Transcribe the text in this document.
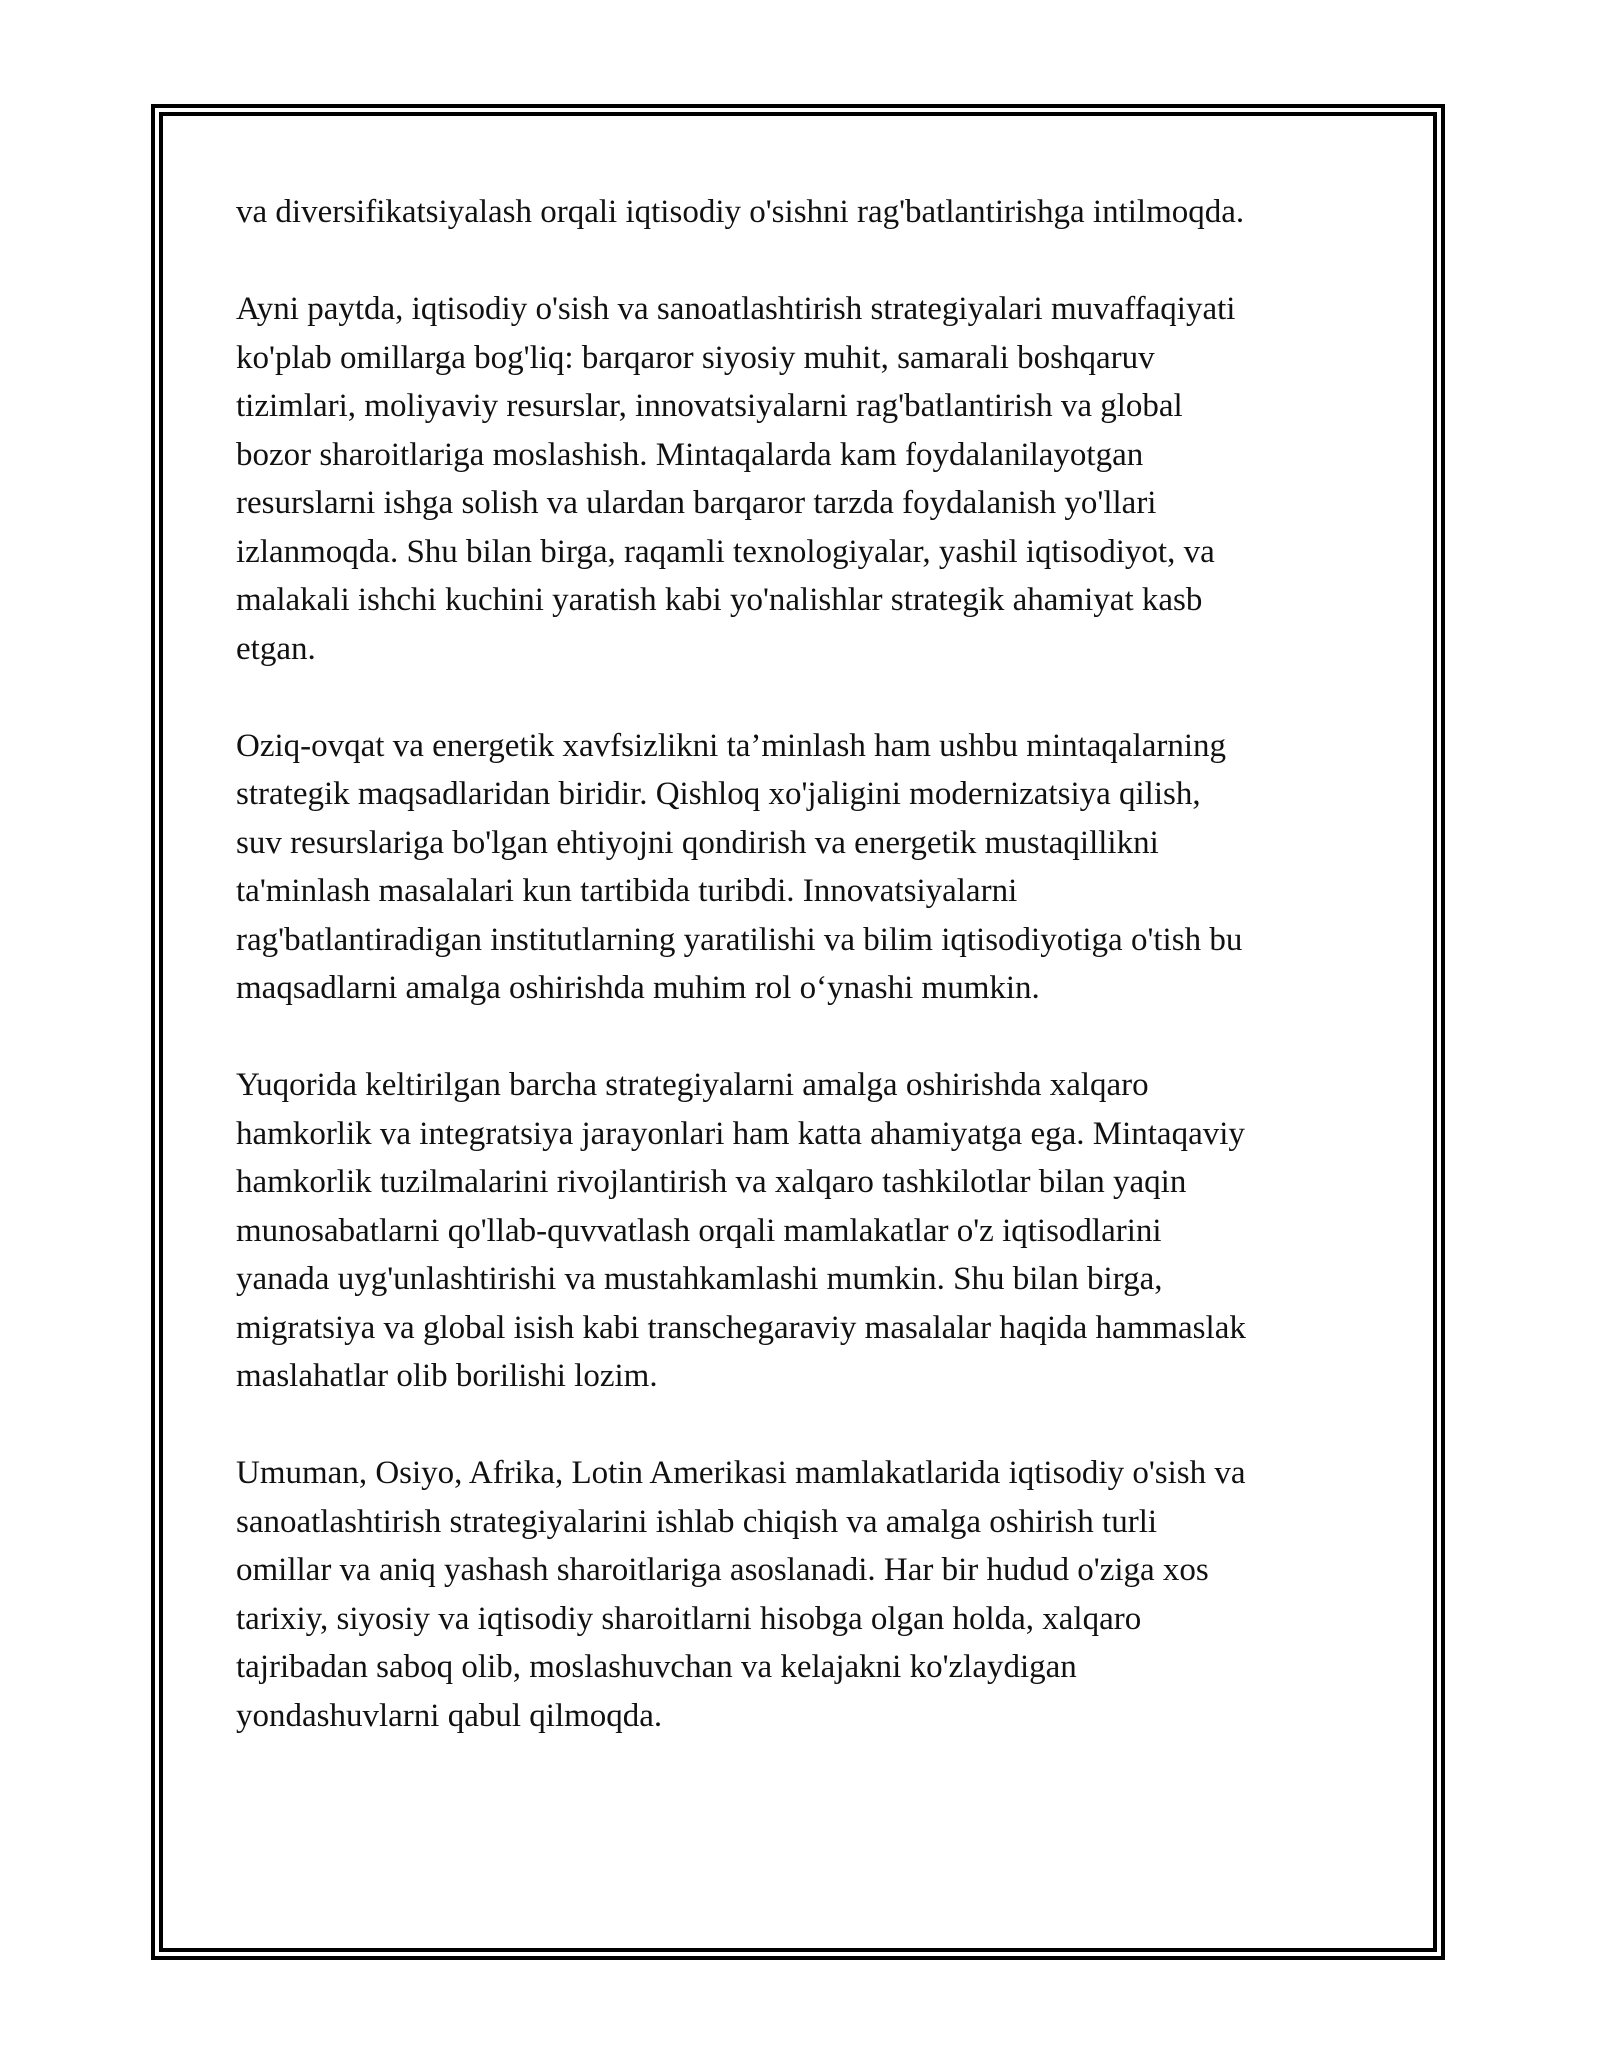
va diversifikatsiyalash orqali iqtisodiy o'sishni rag'batlantirishga intilmoqda.
Ayni paytda, iqtisodiy o'sish va sanoatlashtirish strategiyalari muvaffaqiyati
ko'plab omillarga bog'liq: barqaror siyosiy muhit, samarali boshqaruv
tizimlari, moliyaviy resurslar, innovatsiyalarni rag'batlantirish va global
bozor sharoitlariga moslashish. Mintaqalarda kam foydalanilayotgan
resurslarni ishga solish va ulardan barqaror tarzda foydalanish yo'llari
izlanmoqda. Shu bilan birga, raqamli texnologiyalar, yashil iqtisodiyot, va
malakali ishchi kuchini yaratish kabi yo'nalishlar strategik ahamiyat kasb
etgan.
Oziq-ovqat va energetik xavfsizlikni ta’minlash ham ushbu mintaqalarning
strategik maqsadlaridan biridir. Qishloq xo'jaligini modernizatsiya qilish,
suv resurslariga bo'lgan ehtiyojni qondirish va energetik mustaqillikni
ta'minlash masalalari kun tartibida turibdi. Innovatsiyalarni
rag'batlantiradigan institutlarning yaratilishi va bilim iqtisodiyotiga o'tish bu
maqsadlarni amalga oshirishda muhim rol o‘ynashi mumkin.
Yuqorida keltirilgan barcha strategiyalarni amalga oshirishda xalqaro
hamkorlik va integratsiya jarayonlari ham katta ahamiyatga ega. Mintaqaviy
hamkorlik tuzilmalarini rivojlantirish va xalqaro tashkilotlar bilan yaqin
munosabatlarni qo'llab-quvvatlash orqali mamlakatlar o'z iqtisodlarini
yanada uyg'unlashtirishi va mustahkamlashi mumkin. Shu bilan birga,
migratsiya va global isish kabi transchegaraviy masalalar haqida hammaslak
maslahatlar olib borilishi lozim.
Umuman, Osiyo, Afrika, Lotin Amerikasi mamlakatlarida iqtisodiy o'sish va
sanoatlashtirish strategiyalarini ishlab chiqish va amalga oshirish turli
omillar va aniq yashash sharoitlariga asoslanadi. Har bir hudud o'ziga xos
tarixiy, siyosiy va iqtisodiy sharoitlarni hisobga olgan holda, xalqaro
tajribadan saboq olib, moslashuvchan va kelajakni ko'zlaydigan
yondashuvlarni qabul qilmoqda.
